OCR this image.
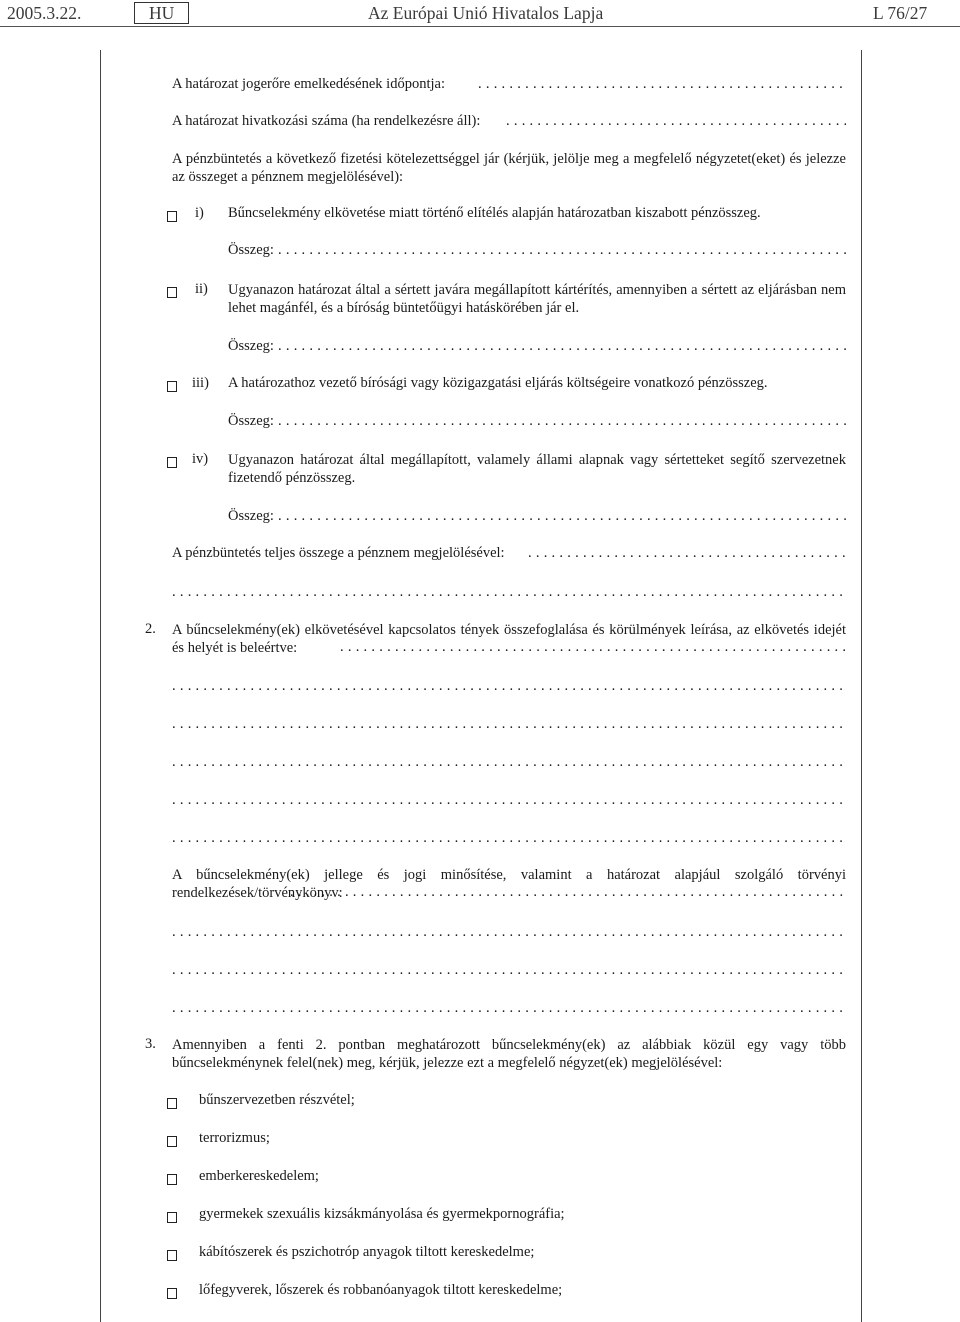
2005.3.22.	HU	Az Európai Unió Hivatalos Lapja	L 76/27
A határozat jogerőre emelkedésének időpontja:
. . .
A határozat hivatkozási száma (ha rendelkezésre áll):
. . .
A pénzbüntetés a következő fizetési kötelezettséggel jár (kérjük, jelölje meg a megfelelő négyzetet(eket) és jelezze az összeget a pénznem megjelölésével):
i) Bűncselekmény elkövetése miatt történő elítélés alapján határozatban kiszabott pénzösszeg.
Összeg:
. . .
ii) Ugyanazon határozat által a sértett javára megállapított kártérítés, amennyiben a sértett az eljárásban nem lehet magánfél, és a bíróság büntetőügyi hatáskörében jár el.
Összeg:
. . .
iii) A határozathoz vezető bírósági vagy közigazgatási eljárás költségeire vonatkozó pénzösszeg.
Összeg:
. . .
iv) Ugyanazon határozat által megállapított, valamely állami alapnak vagy sértetteket segítő szervezetnek fizetendő pénzösszeg.
Összeg:
. . .
A pénzbüntetés teljes összege a pénznem megjelölésével:
. . .
. . .
2. A bűncselekmény(ek) elkövetésével kapcsolatos tények összefoglalása és körülmények leírása, az elkövetés idejét és helyét is beleértve:
. . .
. . .
. . .
. . .
. . .
. . .
A bűncselekmény(ek) jellege és jogi minősítése, valamint a határozat alapjául szolgáló törvényi rendelkezések/törvénykönyv:
. . .
. . .
. . .
. . .
3. Amennyiben a fenti 2. pontban meghatározott bűncselekmény(ek) az alábbiak közül egy vagy több bűncselekménynek felel(nek) meg, kérjük, jelezze ezt a megfelelő négyzet(ek) megjelölésével:
bűnszervezetben részvétel;
terrorizmus;
emberkereskedelem;
gyermekek szexuális kizsákmányolása és gyermekpornográfia;
kábítószerek és pszichotróp anyagok tiltott kereskedelme;
lőfegyverek, lőszerek és robbanóanyagok tiltott kereskedelme;
